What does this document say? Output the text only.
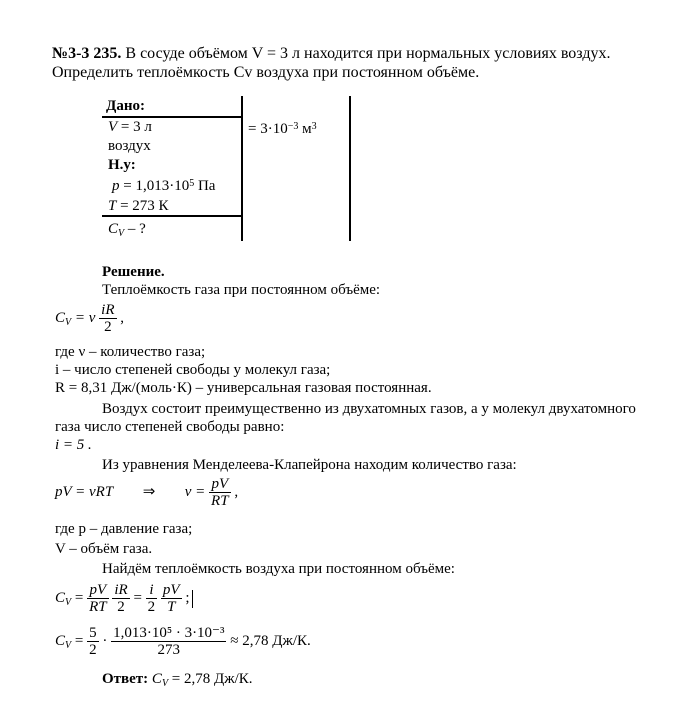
№3-3 235. В сосуде объёмом V = 3 л находится при нормальных условиях воздух.
Определить теплоёмкость Cv воздуха при постоянном объёме.
Дано:
V = 3 л
воздух
Н.у:
$p = 1,013\cdot 10^5$ Па
T = 273 К
$C_V$ – ?
= $3\cdot 10^{-3}$ $м^3$
Решение.
Теплоёмкость газа при постоянном объёме:
$C_V = \nu \frac{iR}{2}$ ,
где ν – количество газа;
i – число степеней свободы у молекул газа;
R = 8,31 Дж/(моль·К) – универсальная газовая постоянная.
Воздух состоит преимущественно из двухатомных газов, а у молекул двухатомного
газа число степеней свободы равно:
i = 5 .
Из уравнения Менделеева-Клапейрона находим количество газа:
pV = νRT ⇒ $\nu = \frac{pV}{RT}$ ,
где p – давление газа;
V – объём газа.
Найдём теплоёмкость воздуха при постоянном объёме:
$C_V = \frac{pV}{RT}$
$\frac{iR}{2} = \frac{i}{2}$
$\frac{pV}{T}$ ;
$C_V = \frac{5}{2} \cdot \frac{\text{1,013·10⁵ · 3·10⁻³}}{273} \approx 2,78$ Дж/К.
Ответ: $C_V = 2,78$ Дж/К.
